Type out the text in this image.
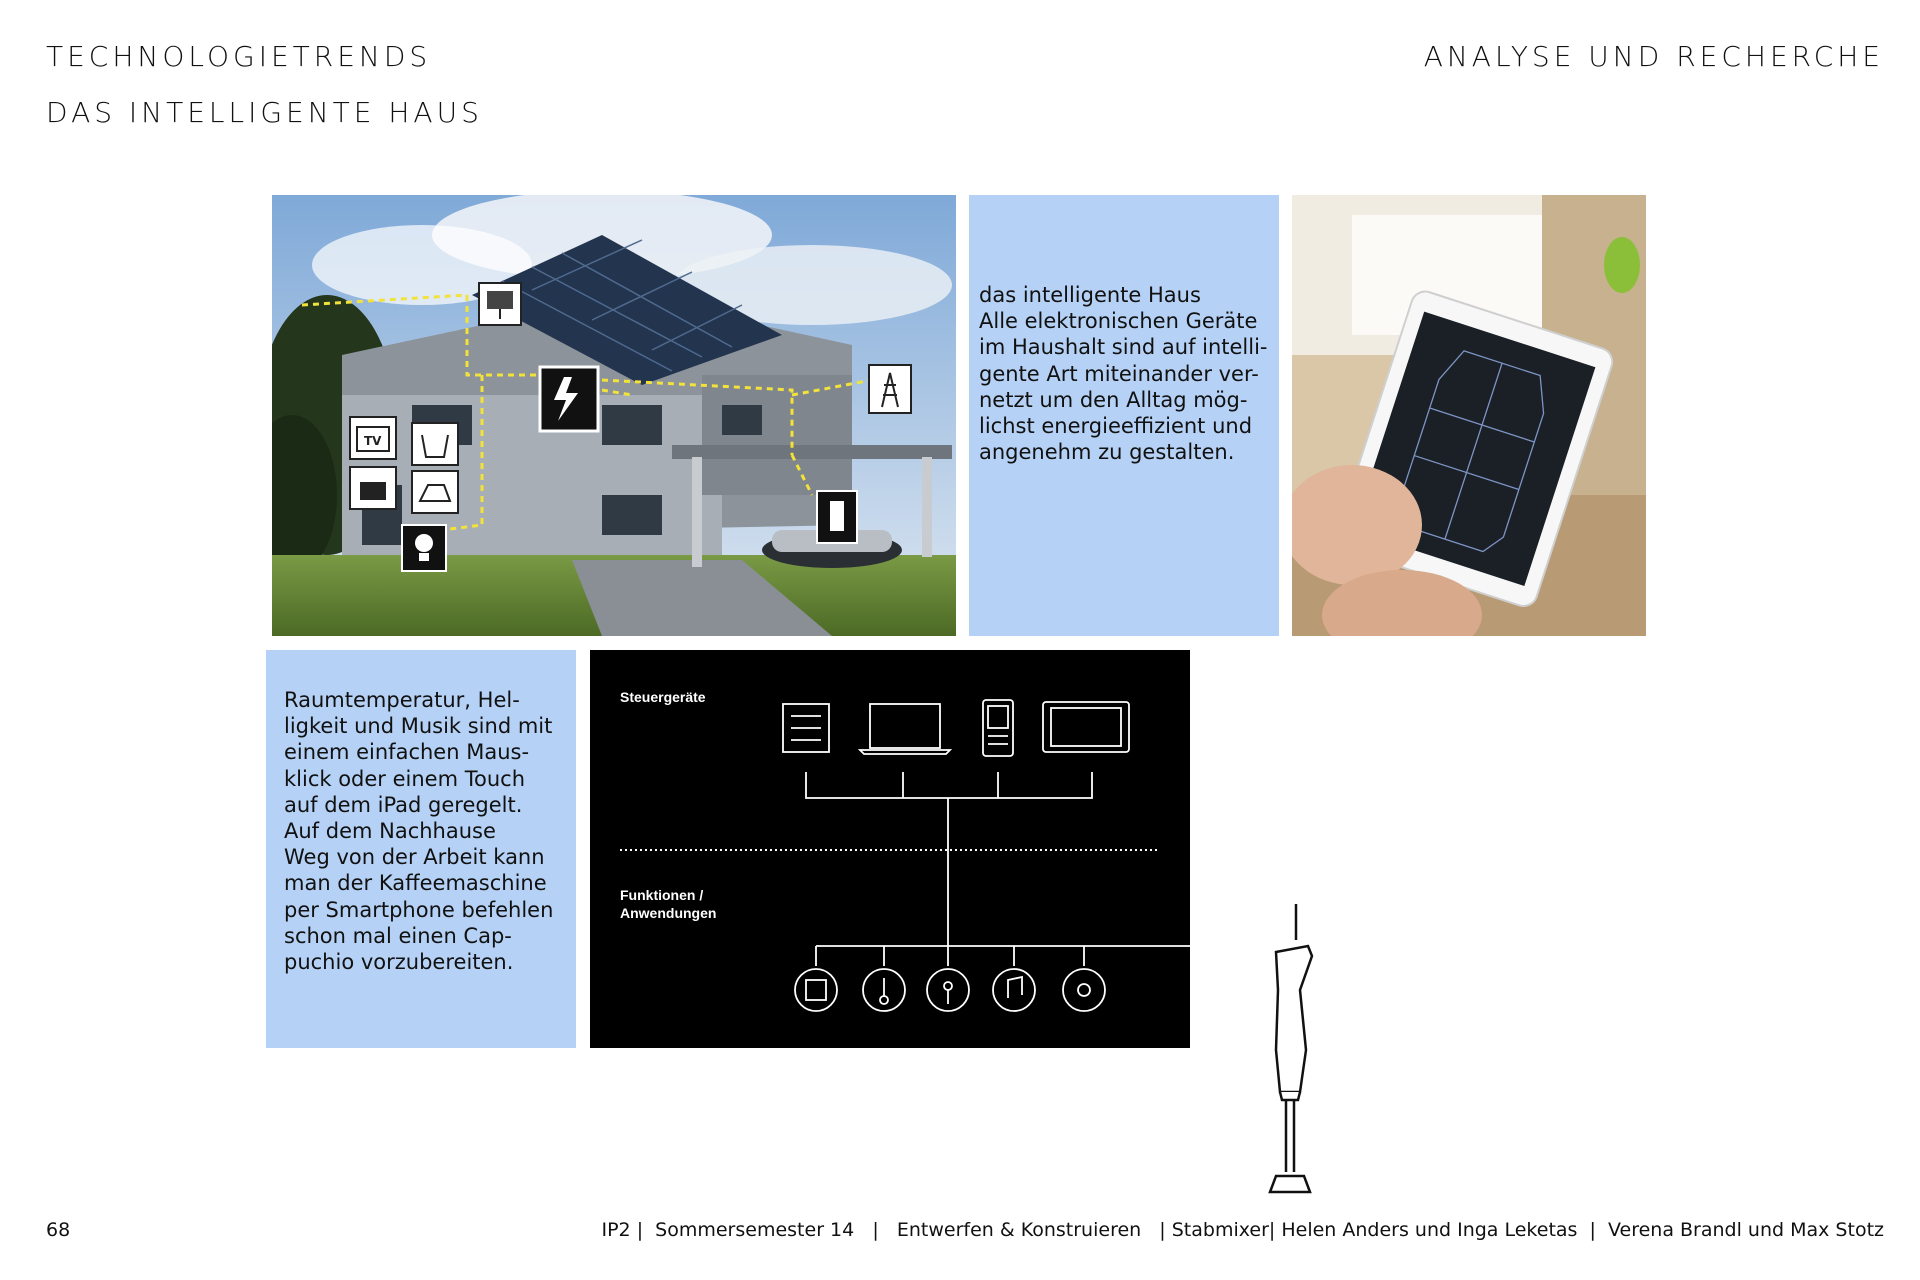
TECHNOLOGIETRENDS
DAS INTELLIGENTE HAUS
ANALYSE UND RECHERCHE
TV

das intelligente Haus

Alle elektronischen Geräte

im Haushalt sind auf intelli-

gente Art miteinander ver-

netzt um den Alltag mög-

lichst energieeffizient und

angenehm zu gestalten.

Raumtemperatur, Hel-

ligkeit und Musik sind mit

einem einfachen Maus-

klick oder einem Touch

auf dem iPad geregelt.

Auf dem Nachhause

Weg von der Arbeit kann

man der Kaffeemaschine

per Smartphone befehlen

schon mal einen Cap-

puchio vorzubereiten.

Steuergeräte
Funktionen /
Anwendungen
68	IP2 |  Sommersemester 14   |   Entwerfen & Konstruieren   | Stabmixer| Helen Anders und Inga Leketas  |  Verena Brandl und Max Stotz
